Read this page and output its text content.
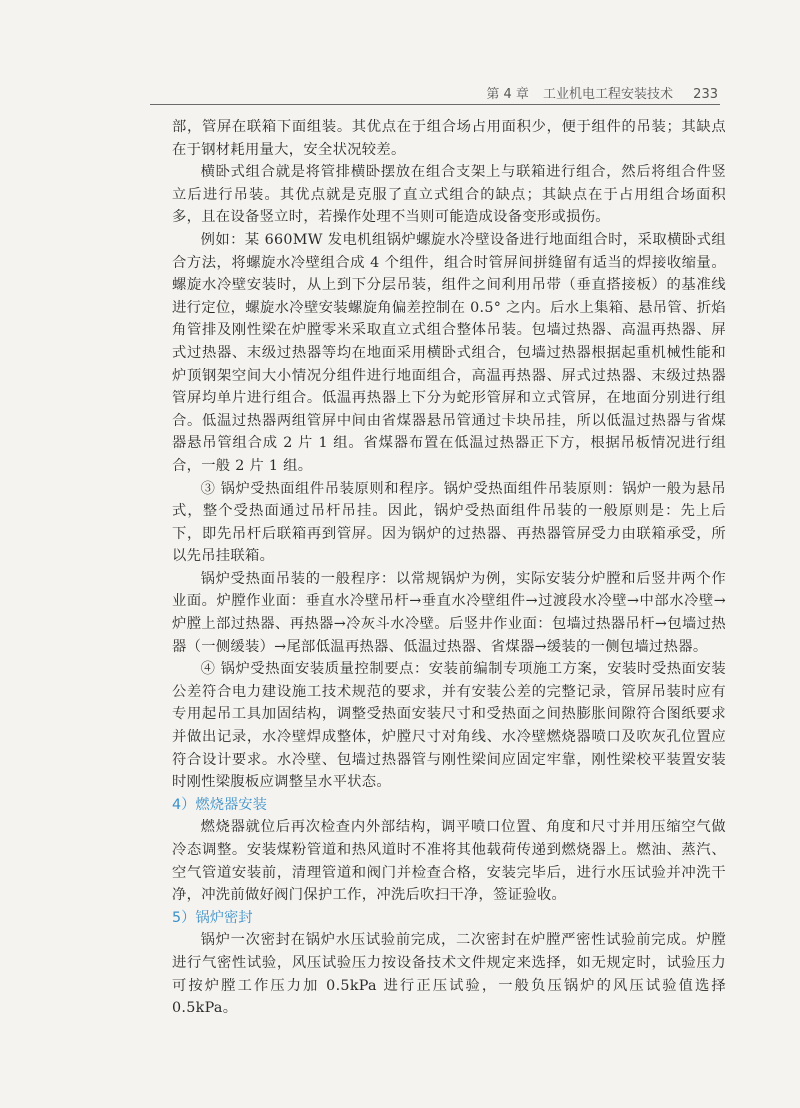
第 4 章 工业机电工程安装技术 233

部，管屏在联箱下面组装。其优点在于组合场占用面积少，便于组件的吊装；其缺点在于钢材耗用量大，安全状况较差。

横卧式组合就是将管排横卧摆放在组合支架上与联箱进行组合，然后将组合件竖立后进行吊装。其优点就是克服了直立式组合的缺点；其缺点在于占用组合场面积多，且在设备竖立时，若操作处理不当则可能造成设备变形或损伤。

例如：某 660MW 发电机组锅炉螺旋水冷壁设备进行地面组合时，采取横卧式组合方法，将螺旋水冷壁组合成 4 个组件，组合时管屏间拼缝留有适当的焊接收缩量。螺旋水冷壁安装时，从上到下分层吊装，组件之间利用吊带（垂直搭接板）的基准线进行定位，螺旋水冷壁安装螺旋角偏差控制在 0.5° 之内。后水上集箱、悬吊管、折焰角管排及刚性梁在炉膛零米采取直立式组合整体吊装。包墙过热器、高温再热器、屏式过热器、末级过热器等均在地面采用横卧式组合，包墙过热器根据起重机械性能和炉顶钢架空间大小情况分组件进行地面组合，高温再热器、屏式过热器、末级过热器管屏均单片进行组合。低温再热器上下分为蛇形管屏和立式管屏，在地面分别进行组合。低温过热器两组管屏中间由省煤器悬吊管通过卡块吊挂，所以低温过热器与省煤器悬吊管组合成 2 片 1 组。省煤器布置在低温过热器正下方，根据吊板情况进行组合，一般 2 片 1 组。

③ 锅炉受热面组件吊装原则和程序。锅炉受热面组件吊装原则：锅炉一般为悬吊式，整个受热面通过吊杆吊挂。因此，锅炉受热面组件吊装的一般原则是：先上后下，即先吊杆后联箱再到管屏。因为锅炉的过热器、再热器管屏受力由联箱承受，所以先吊挂联箱。

锅炉受热面吊装的一般程序：以常规锅炉为例，实际安装分炉膛和后竖井两个作业面。炉膛作业面：垂直水冷壁吊杆→垂直水冷壁组件→过渡段水冷壁→中部水冷壁→炉膛上部过热器、再热器→冷灰斗水冷壁。后竖井作业面：包墙过热器吊杆→包墙过热器（一侧缓装）→尾部低温再热器、低温过热器、省煤器→缓装的一侧包墙过热器。

④ 锅炉受热面安装质量控制要点：安装前编制专项施工方案，安装时受热面安装公差符合电力建设施工技术规范的要求，并有安装公差的完整记录，管屏吊装时应有专用起吊工具加固结构，调整受热面安装尺寸和受热面之间热膨胀间隙符合图纸要求并做出记录，水冷壁焊成整体，炉膛尺寸对角线、水冷壁燃烧器喷口及吹灰孔位置应符合设计要求。水冷壁、包墙过热器管与刚性梁间应固定牢靠，刚性梁校平装置安装时刚性梁腹板应调整呈水平状态。

4）燃烧器安装

燃烧器就位后再次检查内外部结构，调平喷口位置、角度和尺寸并用压缩空气做冷态调整。安装煤粉管道和热风道时不准将其他载荷传递到燃烧器上。燃油、蒸汽、空气管道安装前，清理管道和阀门并检查合格，安装完毕后，进行水压试验并冲洗干净，冲洗前做好阀门保护工作，冲洗后吹扫干净，签证验收。

5）锅炉密封

锅炉一次密封在锅炉水压试验前完成，二次密封在炉膛严密性试验前完成。炉膛进行气密性试验，风压试验压力按设备技术文件规定来选择，如无规定时，试验压力可按炉膛工作压力加 0.5kPa 进行正压试验，一般负压锅炉的风压试验值选择 0.5kPa。
